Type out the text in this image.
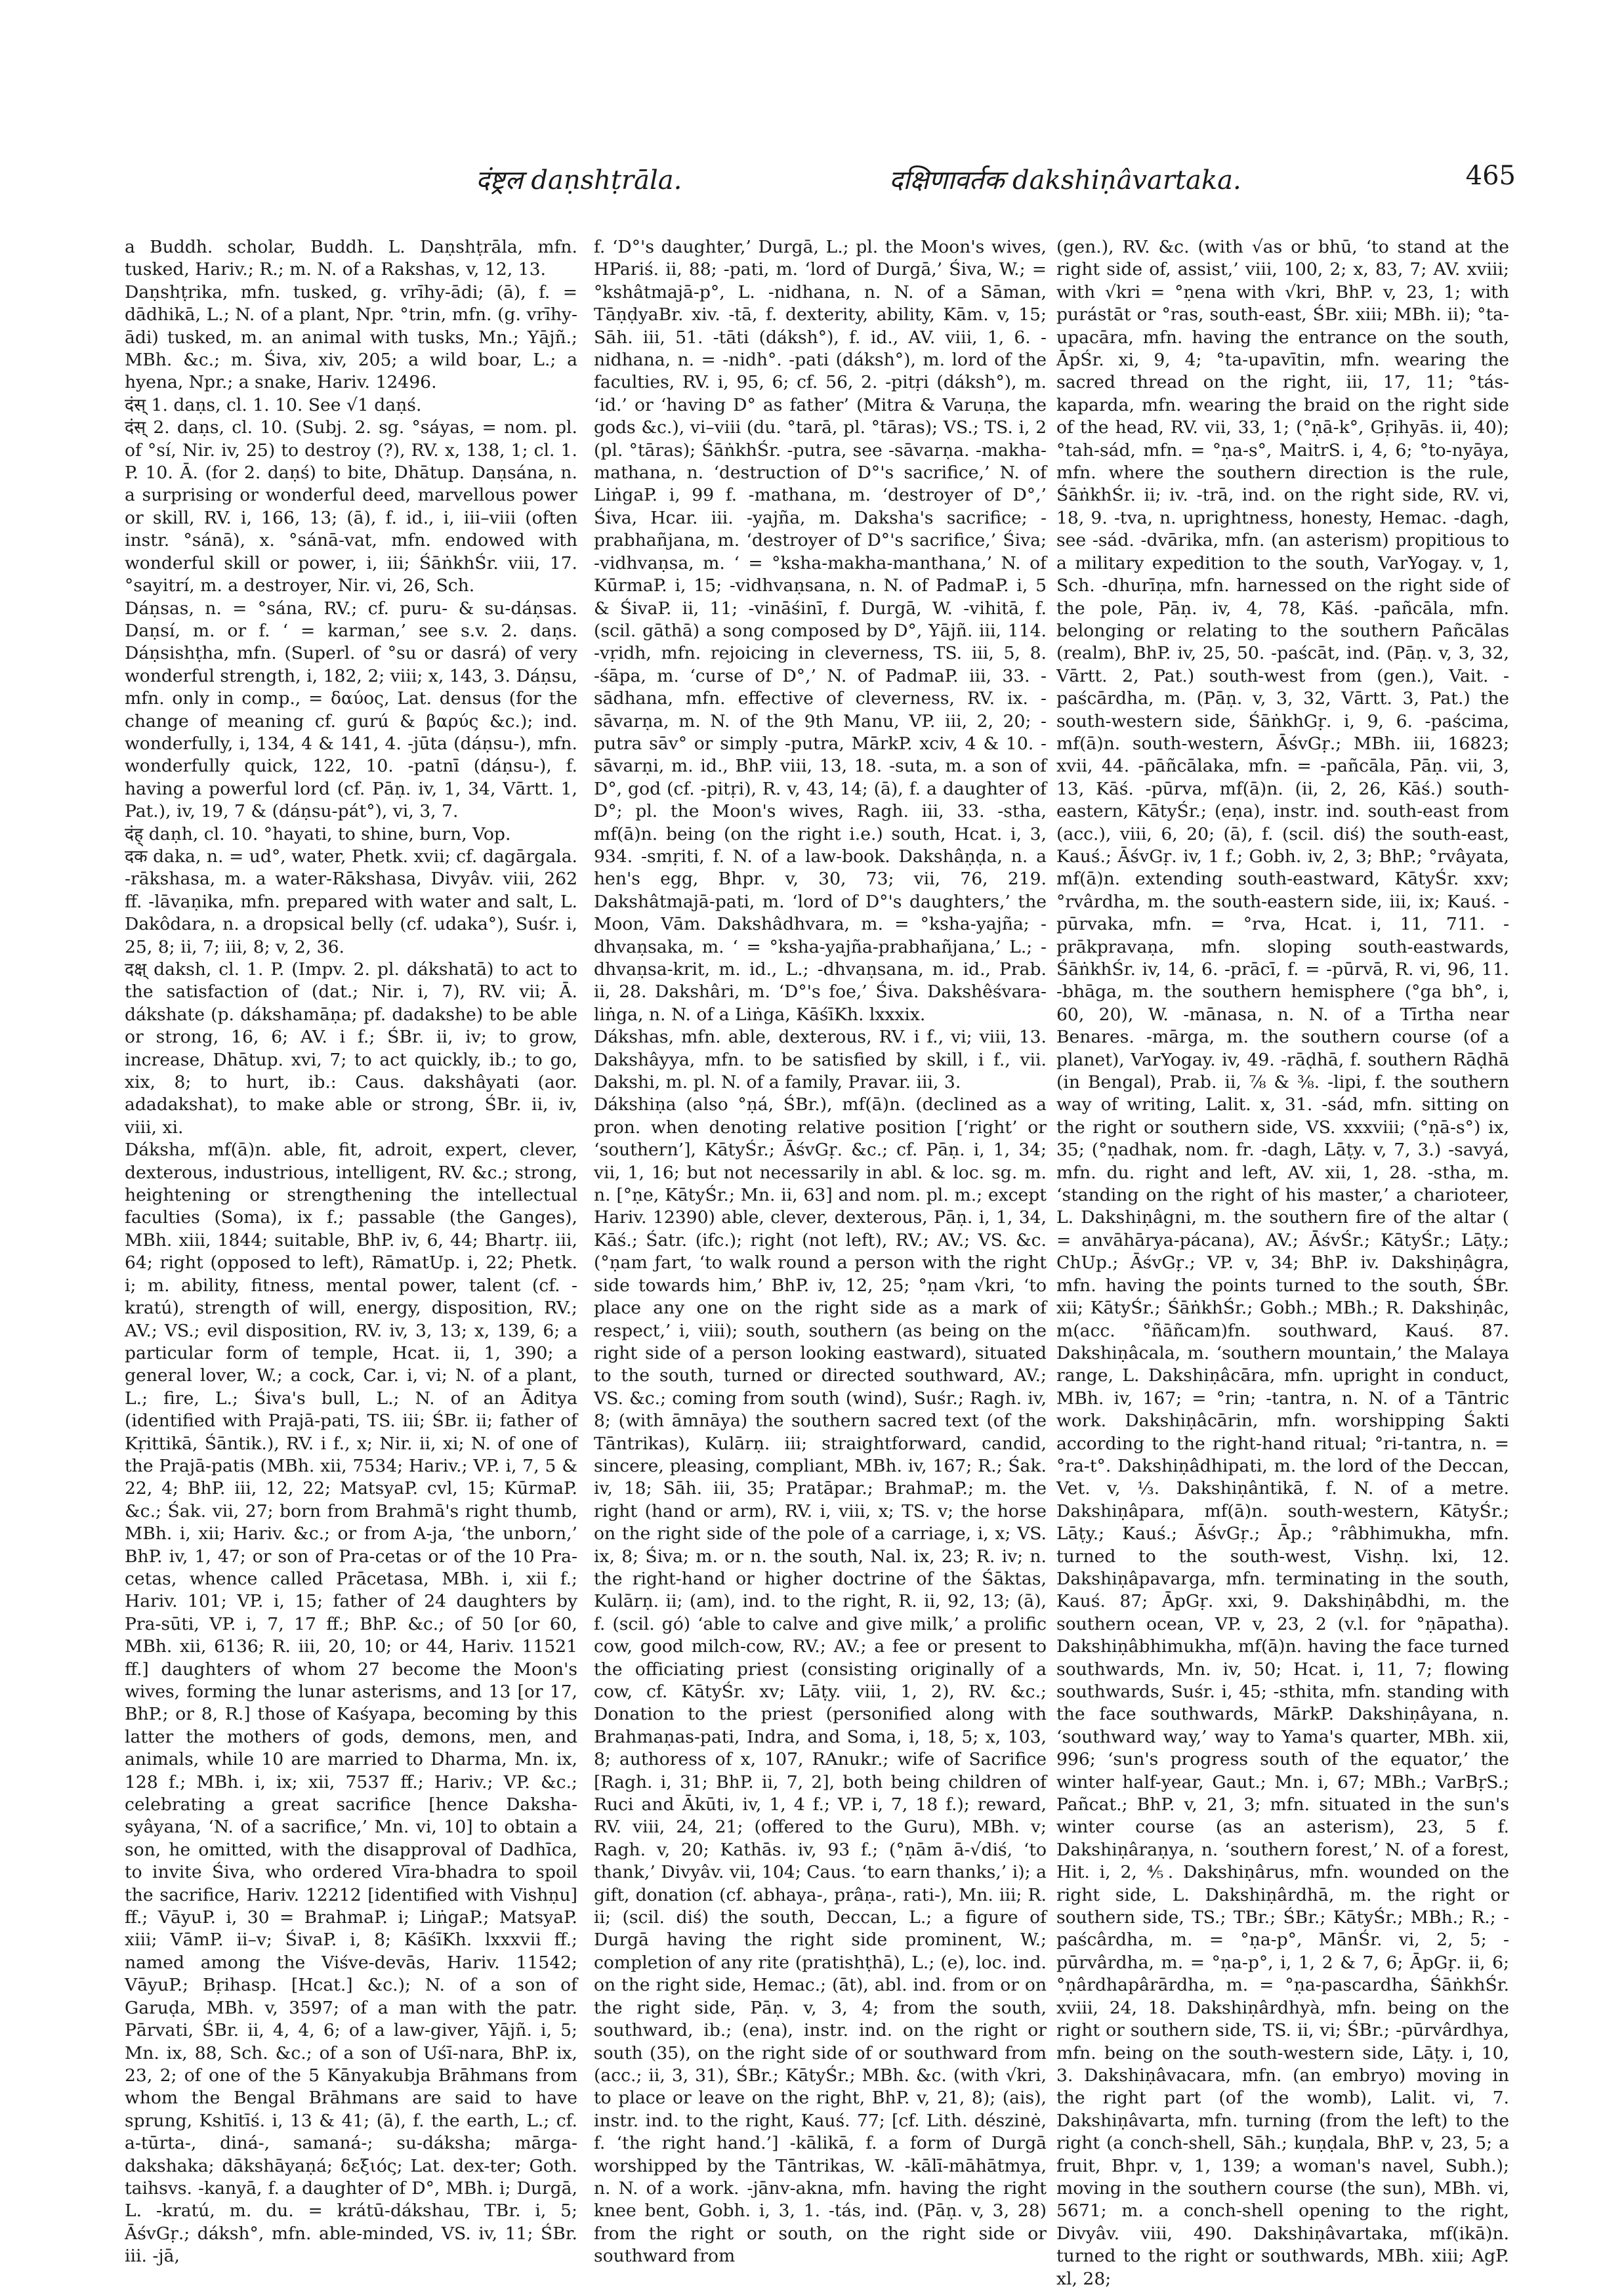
दंष्ट्रल daṇshṭrāla.	दक्षिणावर्तक dakshiṇâvartaka.	465

a Buddh. scholar, Buddh. L. Daṇshṭrāla, mfn. tusked, Hariv.; R.; m. N. of a Rakshas, v, 12, 13.

Daṇshṭrika, mfn. tusked, g. vrīhy-ādi; (ā), f. = dādhikā, L.; N. of a plant, Npr. °trin, mfn. (g. vrīhy-ādi) tusked, m. an animal with tusks, Mn.; Yājñ.; MBh. &c.; m. Śiva, xiv, 205; a wild boar, L.; a hyena, Npr.; a snake, Hariv. 12496.

दंस् 1. daṇs, cl. 1. 10. See √1 daṇś.

दंस् 2. daṇs, cl. 10. (Subj. 2. sg. °sáyas, = nom. pl. of °sí, Nir. iv, 25) to destroy (?), RV. x, 138, 1; cl. 1. P. 10. Ā. (for 2. daṇś) to bite, Dhātup. Daṇsána, n. a surprising or wonderful deed, marvellous power or skill, RV. i, 166, 13; (ā), f. id., i, iii–viii (often instr. °sánā), x. °sánā-vat, mfn. endowed with wonderful skill or power, i, iii; ŚāṅkhŚr. viii, 17. °sayitrí, m. a destroyer, Nir. vi, 26, Sch.

Dáṇsas, n. = °sána, RV.; cf. puru- & su-dáṇsas. Daṇsí, m. or f. ‘ = karman,’ see s.v. 2. daṇs. Dáṇsishṭha, mfn. (Superl. of °su or dasrá) of very wonderful strength, i, 182, 2; viii; x, 143, 3. Dáṇsu, mfn. only in comp., = δαύος, Lat. densus (for the change of meaning cf. gurú & βαρύς &c.); ind. wonderfully, i, 134, 4 & 141, 4. -jūta (dáṇsu-), mfn. wonderfully quick, 122, 10. -patnī (dáṇsu-), f. having a powerful lord (cf. Pāṇ. iv, 1, 34, Vārtt. 1, Pat.), iv, 19, 7 & (dáṇsu-pát°), vi, 3, 7.

दंह् daṇh, cl. 10. °hayati, to shine, burn, Vop.

दक daka, n. = ud°, water, Phetk. xvii; cf. dagārgala. -rākshasa, m. a water-Rākshasa, Divyâv. viii, 262 ff. -lāvaṇika, mfn. prepared with water and salt, L. Dakôdara, n. a dropsical belly (cf. udaka°), Suśr. i, 25, 8; ii, 7; iii, 8; v, 2, 36.

दक्ष् daksh, cl. 1. P. (Impv. 2. pl. dákshatā) to act to the satisfaction of (dat.; Nir. i, 7), RV. vii; Ā. dákshate (p. dákshamāṇa; pf. dadakshe) to be able or strong, 16, 6; AV. i f.; ŚBr. ii, iv; to grow, increase, Dhātup. xvi, 7; to act quickly, ib.; to go, xix, 8; to hurt, ib.: Caus. dakshâyati (aor. adadakshat), to make able or strong, ŚBr. ii, iv, viii, xi.

Dáksha, mf(ā)n. able, fit, adroit, expert, clever, dexterous, industrious, intelligent, RV. &c.; strong, heightening or strengthening the intellectual faculties (Soma), ix f.; passable (the Ganges), MBh. xiii, 1844; suitable, BhP. iv, 6, 44; Bhartṛ. iii, 64; right (opposed to left), RāmatUp. i, 22; Phetk. i; m. ability, fitness, mental power, talent (cf. -kratú), strength of will, energy, disposition, RV.; AV.; VS.; evil disposition, RV. iv, 3, 13; x, 139, 6; a particular form of temple, Hcat. ii, 1, 390; a general lover, W.; a cock, Car. i, vi; N. of a plant, L.; fire, L.; Śiva's bull, L.; N. of an Āditya (identified with Prajā-pati, TS. iii; ŚBr. ii; father of Kṛittikā, Śāntik.), RV. i f., x; Nir. ii, xi; N. of one of the Prajā-patis (MBh. xii, 7534; Hariv.; VP. i, 7, 5 & 22, 4; BhP. iii, 12, 22; MatsyaP. cvl, 15; KūrmaP. &c.; Śak. vii, 27; born from Brahmā's right thumb, MBh. i, xii; Hariv. &c.; or from A-ja, ‘the unborn,’ BhP. iv, 1, 47; or son of Pra-cetas or of the 10 Pra-cetas, whence called Prācetasa, MBh. i, xii f.; Hariv. 101; VP. i, 15; father of 24 daughters by Pra-sūti, VP. i, 7, 17 ff.; BhP. &c.; of 50 [or 60, MBh. xii, 6136; R. iii, 20, 10; or 44, Hariv. 11521 ff.] daughters of whom 27 become the Moon's wives, forming the lunar asterisms, and 13 [or 17, BhP.; or 8, R.] those of Kaśyapa, becoming by this latter the mothers of gods, demons, men, and animals, while 10 are married to Dharma, Mn. ix, 128 f.; MBh. i, ix; xii, 7537 ff.; Hariv.; VP. &c.; celebrating a great sacrifice [hence Daksha-syâyana, ‘N. of a sacrifice,’ Mn. vi, 10] to obtain a son, he omitted, with the disapproval of Dadhīca, to invite Śiva, who ordered Vīra-bhadra to spoil the sacrifice, Hariv. 12212 [identified with Vishṇu] ff.; VāyuP. i, 30 = BrahmaP. i; LiṅgaP.; MatsyaP. xiii; VāmP. ii–v; ŚivaP. i, 8; KāśīKh. lxxxvii ff.; named among the Viśve-devās, Hariv. 11542; VāyuP.; Bṛihasp. [Hcat.] &c.); N. of a son of Garuḍa, MBh. v, 3597; of a man with the patr. Pārvati, ŚBr. ii, 4, 4, 6; of a law-giver, Yājñ. i, 5; Mn. ix, 88, Sch. &c.; of a son of Uśī-nara, BhP. ix, 23, 2; of one of the 5 Kānyakubja Brāhmans from whom the Bengal Brāhmans are said to have sprung, Kshitīś. i, 13 & 41; (ā), f. the earth, L.; cf. a-tūrta-, diná-, samaná-; su-dáksha; mārga-dakshaka; dākshāyaṇá; δεξιός; Lat. dex-ter; Goth. taihsvs. -kanyā, f. a daughter of D°, MBh. i; Durgā, L. -kratú, m. du. = krátū-dákshau, TBr. i, 5; ĀśvGṛ.; dáksh°, mfn. able-minded, VS. iv, 11; ŚBr. iii. -jā,

f. ‘D°'s daughter,’ Durgā, L.; pl. the Moon's wives, HPariś. ii, 88; -pati, m. ‘lord of Durgā,’ Śiva, W.; = °kshâtmajā-p°, L. -nidhana, n. N. of a Sāman, TāṇḍyaBr. xiv. -tā, f. dexterity, ability, Kām. v, 15; Sāh. iii, 51. -tāti (dáksh°), f. id., AV. viii, 1, 6. -nidhana, n. = -nidh°. -pati (dáksh°), m. lord of the faculties, RV. i, 95, 6; cf. 56, 2. -pitṛi (dáksh°), m. ‘id.’ or ‘having D° as father’ (Mitra & Varuṇa, the gods &c.), vi–viii (du. °tarā, pl. °tāras); VS.; TS. i, 2 (pl. °tāras); ŚāṅkhŚr. -putra, see -sāvarṇa. -makha-mathana, n. ‘destruction of D°'s sacrifice,’ N. of LiṅgaP. i, 99 f. -mathana, m. ‘destroyer of D°,’ Śiva, Hcar. iii. -yajña, m. Daksha's sacrifice; -prabhañjana, m. ‘destroyer of D°'s sacrifice,’ Śiva; -vidhvaṇsa, m. ‘ = °ksha-makha-manthana,’ N. of KūrmaP. i, 15; -vidhvaṇsana, n. N. of PadmaP. i, 5 & ŚivaP. ii, 11; -vināśinī, f. Durgā, W. -vihitā, f. (scil. gāthā) a song composed by D°, Yājñ. iii, 114. -vṛidh, mfn. rejoicing in cleverness, TS. iii, 5, 8. -śāpa, m. ‘curse of D°,’ N. of PadmaP. iii, 33. -sādhana, mfn. effective of cleverness, RV. ix. -sāvarṇa, m. N. of the 9th Manu, VP. iii, 2, 20; -putra sāv° or simply -putra, MārkP. xciv, 4 & 10. -sāvarṇi, m. id., BhP. viii, 13, 18. -suta, m. a son of D°, god (cf. -pitṛi), R. v, 43, 14; (ā), f. a daughter of D°; pl. the Moon's wives, Ragh. iii, 33. -stha, mf(ā)n. being (on the right i.e.) south, Hcat. i, 3, 934. -smṛiti, f. N. of a law-book. Dakshâṇḍa, n. a hen's egg, Bhpr. v, 30, 73; vii, 76, 219. Dakshâtmajā-pati, m. ‘lord of D°'s daughters,’ the Moon, Vām. Dakshâdhvara, m. = °ksha-yajña; -dhvaṇsaka, m. ‘ = °ksha-yajña-prabhañjana,’ L.; -dhvaṇsa-krit, m. id., L.; -dhvaṇsana, m. id., Prab. ii, 28. Dakshâri, m. ‘D°'s foe,’ Śiva. Dakshêśvara-liṅga, n. N. of a Liṅga, KāśīKh. lxxxix.

Dákshas, mfn. able, dexterous, RV. i f., vi; viii, 13. Dakshâyya, mfn. to be satisfied by skill, i f., vii. Dakshi, m. pl. N. of a family, Pravar. iii, 3.

Dákshiṇa (also °ṇá, ŚBr.), mf(ā)n. (declined as a pron. when denoting relative position [‘right’ or ‘southern’], KātyŚr.; ĀśvGṛ. &c.; cf. Pāṇ. i, 1, 34; vii, 1, 16; but not necessarily in abl. & loc. sg. m. n. [°ṇe, KātyŚr.; Mn. ii, 63] and nom. pl. m.; except Hariv. 12390) able, clever, dexterous, Pāṇ. i, 1, 34, Kāś.; Śatr. (ifc.); right (not left), RV.; AV.; VS. &c. (°ṇam ƒart, ‘to walk round a person with the right side towards him,’ BhP. iv, 12, 25; °ṇam √kri, ‘to place any one on the right side as a mark of respect,’ i, viii); south, southern (as being on the right side of a person looking eastward), situated to the south, turned or directed southward, AV.; VS. &c.; coming from south (wind), Suśr.; Ragh. iv, 8; (with āmnāya) the southern sacred text (of the Tāntrikas), Kulārṇ. iii; straightforward, candid, sincere, pleasing, compliant, MBh. iv, 167; R.; Śak. iv, 18; Sāh. iii, 35; Pratāpar.; BrahmaP.; m. the right (hand or arm), RV. i, viii, x; TS. v; the horse on the right side of the pole of a carriage, i, x; VS. ix, 8; Śiva; m. or n. the south, Nal. ix, 23; R. iv; n. the right-hand or higher doctrine of the Śāktas, Kulārṇ. ii; (am), ind. to the right, R. ii, 92, 13; (ā), f. (scil. gó) ‘able to calve and give milk,’ a prolific cow, good milch-cow, RV.; AV.; a fee or present to the officiating priest (consisting originally of a cow, cf. KātyŚr. xv; Lāṭy. viii, 1, 2), RV. &c.; Donation to the priest (personified along with Brahmaṇas-pati, Indra, and Soma, i, 18, 5; x, 103, 8; authoress of x, 107, RAnukr.; wife of Sacrifice [Ragh. i, 31; BhP. ii, 7, 2], both being children of Ruci and Ākūti, iv, 1, 4 f.; VP. i, 7, 18 f.); reward, RV. viii, 24, 21; (offered to the Guru), MBh. v; Ragh. v, 20; Kathās. iv, 93 f.; (°ṇām ā-√diś, ‘to thank,’ Divyâv. vii, 104; Caus. ‘to earn thanks,’ i); a gift, donation (cf. abhaya-, prâṇa-, rati-), Mn. iii; R. ii; (scil. diś) the south, Deccan, L.; a figure of Durgā having the right side prominent, W.; completion of any rite (pratishṭhā), L.; (e), loc. ind. on the right side, Hemac.; (āt), abl. ind. from or on the right side, Pāṇ. v, 3, 4; from the south, southward, ib.; (ena), instr. ind. on the right or south (35), on the right side of or southward from (acc.; ii, 3, 31), ŚBr.; KātyŚr.; MBh. &c. (with √kri, to place or leave on the right, BhP. v, 21, 8); (ais), instr. ind. to the right, Kauś. 77; [cf. Lith. dészinė, f. ‘the right hand.’] -kālikā, f. a form of Durgā worshipped by the Tāntrikas, W. -kālī-māhātmya, n. N. of a work. -jānv-akna, mfn. having the right knee bent, Gobh. i, 3, 1. -tás, ind. (Pāṇ. v, 3, 28) from the right or south, on the right side or southward from

(gen.), RV. &c. (with √as or bhū, ‘to stand at the right side of, assist,’ viii, 100, 2; x, 83, 7; AV. xviii; with √kri = °ṇena with √kri, BhP. v, 23, 1; with purástāt or °ras, south-east, ŚBr. xiii; MBh. ii); °ta-upacāra, mfn. having the entrance on the south, ĀpŚr. xi, 9, 4; °ta-upavītin, mfn. wearing the sacred thread on the right, iii, 17, 11; °tás-kaparda, mfn. wearing the braid on the right side of the head, RV. vii, 33, 1; (°ṇā-k°, Gṛihyās. ii, 40); °tah-sád, mfn. = °ṇa-s°, MaitrS. i, 4, 6; °to-nyāya, mfn. where the southern direction is the rule, ŚāṅkhŚr. ii; iv. -trā, ind. on the right side, RV. vi, 18, 9. -tva, n. uprightness, honesty, Hemac. -dagh, see -sád. -dvārika, mfn. (an asterism) propitious to a military expedition to the south, VarYogay. v, 1, Sch. -dhurīṇa, mfn. harnessed on the right side of the pole, Pāṇ. iv, 4, 78, Kāś. -pañcāla, mfn. belonging or relating to the southern Pañcālas (realm), BhP. iv, 25, 50. -paścāt, ind. (Pāṇ. v, 3, 32, Vārtt. 2, Pat.) south-west from (gen.), Vait. -paścārdha, m. (Pāṇ. v, 3, 32, Vārtt. 3, Pat.) the south-western side, ŚāṅkhGṛ. i, 9, 6. -paścima, mf(ā)n. south-western, ĀśvGṛ.; MBh. iii, 16823; xvii, 44. -pāñcālaka, mfn. = -pañcāla, Pāṇ. vii, 3, 13, Kāś. -pūrva, mf(ā)n. (ii, 2, 26, Kāś.) south-eastern, KātyŚr.; (eṇa), instr. ind. south-east from (acc.), viii, 6, 20; (ā), f. (scil. diś) the south-east, Kauś.; ĀśvGṛ. iv, 1 f.; Gobh. iv, 2, 3; BhP.; °rvâyata, mf(ā)n. extending south-eastward, KātyŚr. xxv; °rvârdha, m. the south-eastern side, iii, ix; Kauś. -pūrvaka, mfn. = °rva, Hcat. i, 11, 711. -prākpravaṇa, mfn. sloping south-eastwards, ŚāṅkhŚr. iv, 14, 6. -prācī, f. = -pūrvā, R. vi, 96, 11. -bhāga, m. the southern hemisphere (°ga bh°, i, 60, 20), W. -mānasa, n. N. of a Tīrtha near Benares. -mārga, m. the southern course (of a planet), VarYogay. iv, 49. -rāḍhā, f. southern Rāḍhā (in Bengal), Prab. ii, ⅞ & ⅜. -lipi, f. the southern way of writing, Lalit. x, 31. -sád, mfn. sitting on the right or southern side, VS. xxxviii; (°ṇā-s°) ix, 35; (°ṇadhak, nom. fr. -dagh, Lāṭy. v, 7, 3.) -savyá, mfn. du. right and left, AV. xii, 1, 28. -stha, m. ‘standing on the right of his master,’ a charioteer, L. Dakshiṇâgni, m. the southern fire of the altar ( = anvāhārya-pácana), AV.; ĀśvŚr.; KātyŚr.; Lāṭy.; ChUp.; ĀśvGṛ.; VP. v, 34; BhP. iv. Dakshiṇâgra, mfn. having the points turned to the south, ŚBr. xii; KātyŚr.; ŚāṅkhŚr.; Gobh.; MBh.; R. Dakshiṇâc, m(acc. °ñāñcam)fn. southward, Kauś. 87. Dakshiṇâcala, m. ‘southern mountain,’ the Malaya range, L. Dakshiṇâcāra, mfn. upright in conduct, MBh. iv, 167; = °rin; -tantra, n. N. of a Tāntric work. Dakshiṇâcārin, mfn. worshipping Śakti according to the right-hand ritual; °ri-tantra, n. = °ra-t°. Dakshiṇâdhipati, m. the lord of the Deccan, Vet. v, ⅓. Dakshiṇântikā, f. N. of a metre. Dakshiṇâpara, mf(ā)n. south-western, KātyŚr.; Lāṭy.; Kauś.; ĀśvGṛ.; Āp.; °râbhimukha, mfn. turned to the south-west, Vishṇ. lxi, 12. Dakshiṇâpavarga, mfn. terminating in the south, Kauś. 87; ĀpGṛ. xxi, 9. Dakshiṇâbdhi, m. the southern ocean, VP. v, 23, 2 (v.l. for °ṇāpatha). Dakshiṇâbhimukha, mf(ā)n. having the face turned southwards, Mn. iv, 50; Hcat. i, 11, 7; flowing southwards, Suśr. i, 45; -sthita, mfn. standing with the face southwards, MārkP. Dakshiṇâyana, n. ‘southward way,’ way to Yama's quarter, MBh. xii, 996; ‘sun's progress south of the equator,’ the winter half-year, Gaut.; Mn. i, 67; MBh.; VarBṛS.; Pañcat.; BhP. v, 21, 3; mfn. situated in the sun's winter course (as an asterism), 23, 5 f. Dakshiṇâraṇya, n. ‘southern forest,’ N. of a forest, Hit. i, 2, ⅘. Dakshiṇârus, mfn. wounded on the right side, L. Dakshiṇârdhā, m. the right or southern side, TS.; TBr.; ŚBr.; KātyŚr.; MBh.; R.; -paścârdha, m. = °ṇa-p°, MānŚr. vi, 2, 5; -pūrvârdha, m. = °ṇa-p°, i, 1, 2 & 7, 6; ĀpGṛ. ii, 6; °ṇârdhapârārdha, m. = °ṇa-pascardha, ŚāṅkhŚr. xviii, 24, 18. Dakshiṇârdhyà, mfn. being on the right or southern side, TS. ii, vi; ŚBr.; -pūrvârdhya, mfn. being on the south-western side, Lāṭy. i, 10, 3. Dakshiṇâvacara, mfn. (an embryo) moving in the right part (of the womb), Lalit. vi, 7. Dakshiṇâvarta, mfn. turning (from the left) to the right (a conch-shell, Sāh.; kuṇḍala, BhP. v, 23, 5; a fruit, Bhpr. v, 1, 139; a woman's navel, Subh.); moving in the southern course (the sun), MBh. vi, 5671; m. a conch-shell opening to the right, Divyâv. viii, 490. Dakshiṇâvartaka, mf(ikā)n. turned to the right or southwards, MBh. xiii; AgP. xl, 28;
